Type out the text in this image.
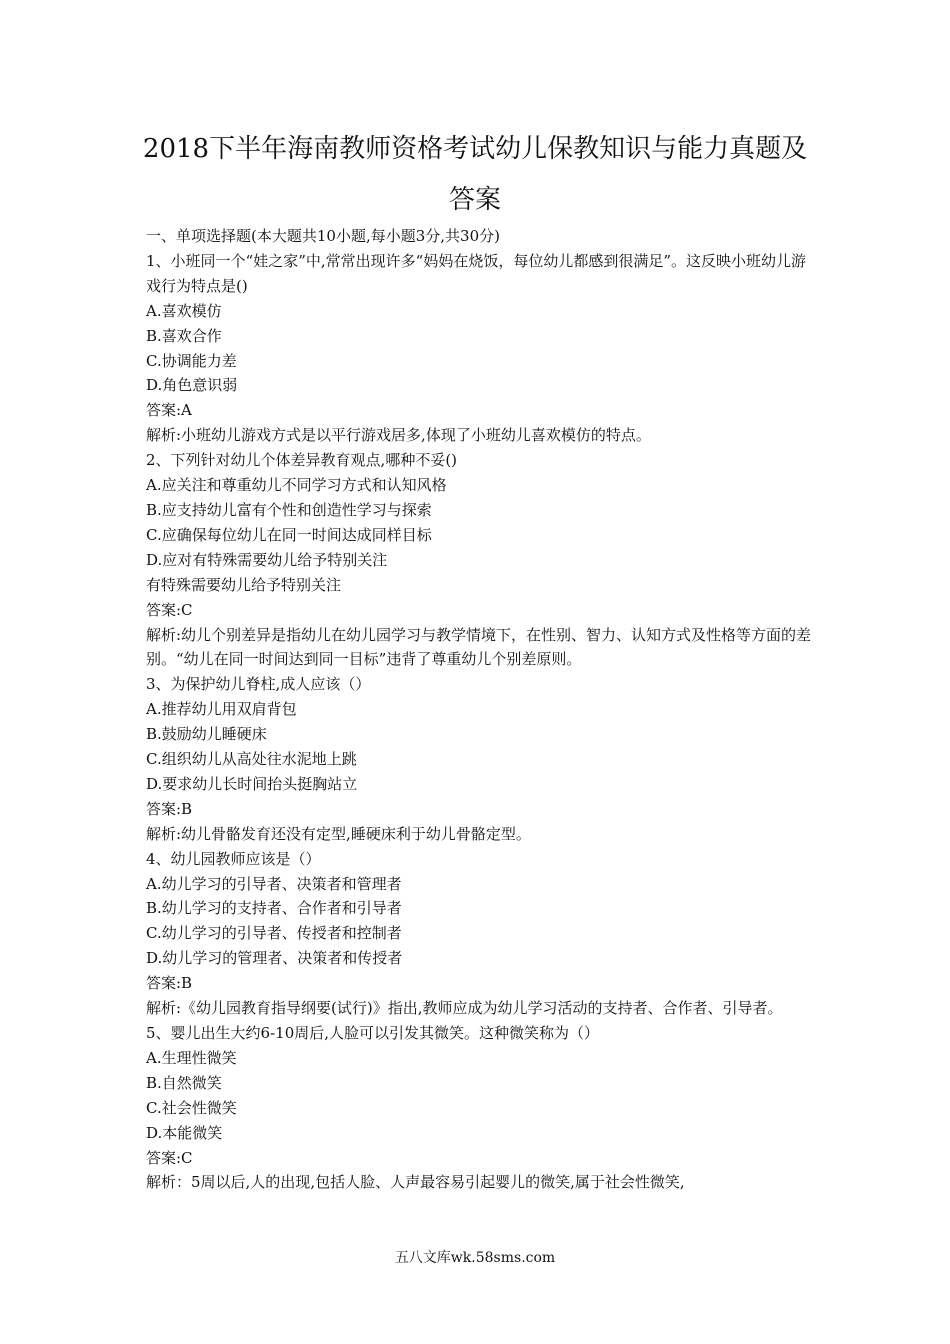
2018下半年海南教师资格考试幼儿保教知识与能力真题及
答案

一、单项选择题(本大题共10小题,每小题3分,共30分)

1、小班同一个“娃之家”中,常常出现许多“妈妈在烧饭，每位幼儿都感到很满足”。这反映小班幼儿游戏行为特点是()

A.喜欢模仿

B.喜欢合作

C.协调能力差

D.角色意识弱

答案:A

解析:小班幼儿游戏方式是以平行游戏居多,体现了小班幼儿喜欢模仿的特点。

2、下列针对幼儿个体差异教育观点,哪种不妥()

A.应关注和尊重幼儿不同学习方式和认知风格

B.应支持幼儿富有个性和创造性学习与探索

C.应确保每位幼儿在同一时间达成同样目标

D.应对有特殊需要幼儿给予特别关注

有特殊需要幼儿给予特别关注

答案:C

解析:幼儿个别差异是指幼儿在幼儿园学习与教学情境下，在性别、智力、认知方式及性格等方面的差别。“幼儿在同一时间达到同一目标”违背了尊重幼儿个别差原则。

3、为保护幼儿脊柱,成人应该（）

A.推荐幼儿用双肩背包

B.鼓励幼儿睡硬床

C.组织幼儿从高处往水泥地上跳

D.要求幼儿长时间抬头挺胸站立

答案:B

解析:幼儿骨骼发育还没有定型,睡硬床利于幼儿骨骼定型。

4、幼儿园教师应该是（）

A.幼儿学习的引导者、决策者和管理者

B.幼儿学习的支持者、合作者和引导者

C.幼儿学习的引导者、传授者和控制者

D.幼儿学习的管理者、决策者和传授者

答案:B

解析:《幼儿园教育指导纲要(试行)》指出,教师应成为幼儿学习活动的支持者、合作者、引导者。

5、婴儿出生大约6-10周后,人脸可以引发其微笑。这种微笑称为（）

A.生理性微笑

B.自然微笑

C.社会性微笑

D.本能微笑

答案:C

解析：5周以后,人的出现,包括人脸、人声最容易引起婴儿的微笑,属于社会性微笑,

五八文库wk.58sms.com
